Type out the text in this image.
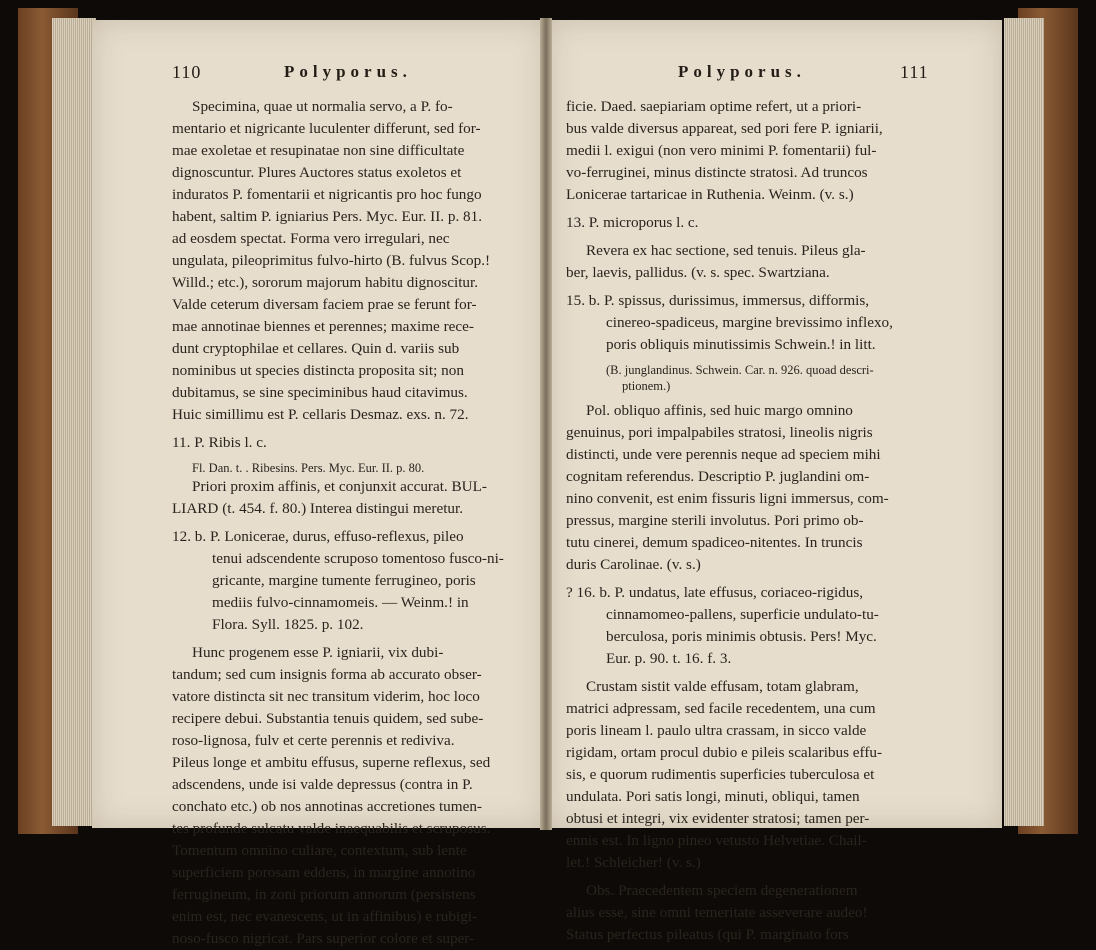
110	Polyporus.	Polyporus.	111
Specimina, quae ut normalia servo, a P. fo-
mentario et nigricante luculenter differunt, sed for-
mae exoletae et resupinatae non sine difficultate
dignoscuntur. Plures Auctores status exoletos et
induratos P. fomentarii et nigricantis pro hoc fungo
habent, saltim P. igniarius Pers. Myc. Eur. II. p. 81.
ad eosdem spectat. Forma vero irregulari, nec
ungulata, pileoprimitus fulvo-hirto (B. fulvus Scop.!
Willd.; etc.), sororum majorum habitu dignoscitur.
Valde ceterum diversam faciem prae se ferunt for-
mae annotinae biennes et perennes; maxime rece-
dunt cryptophilae et cellares. Quin d. variis sub
nominibus ut species distincta proposita sit; non
dubitamus, se sine speciminibus haud citavimus.
Huic simillimu est P. cellaris Desmaz. exs. n. 72.
11. P. Ribis l. c.
Fl. Dan. t. . Ribesins. Pers. Myc. Eur. II. p. 80.
Priori proxim affinis, et conjunxit accurat. BUL-
LIARD (t. 454. f. 80.) Interea distingui meretur.
12. b. P. Lonicerae, durus, effuso-reflexus, pileo
tenui adscendente scruposo tomentoso fusco-ni-
gricante, margine tumente ferrugineo, poris
mediis fulvo-cinnamomeis. — Weinm.! in
Flora. Syll. 1825. p. 102.
Hunc progenem esse P. igniarii, vix dubi-
tandum; sed cum insignis forma ab accurato obser-
vatore distincta sit nec transitum viderim, hoc loco
recipere debui. Substantia tenuis quidem, sed sube-
roso-lignosa, fulv et certe perennis et rediviva.
Pileus longe et ambitu effusus, superne reflexus, sed
adscendens, unde isi valde depressus (contra in P.
conchato etc.) ob nos annotinas accretiones tumen-
tes profunde sulcatu valde inaequabilis et scruposus.
Tomentum omnino culiare, contextum, sub lente
superficiem porosam eddens, in margine annotino
ferrugineum, in zoni priorum annorum (persistens
enim est, nec evanescens, ut in affinibus) e rubigi-
noso-fusco nigricat. Pars superior colore et super-
ficie. Daed. saepiariam optime refert, ut a priori-
bus valde diversus appareat, sed pori fere P. igniarii,
medii l. exigui (non vero minimi P. fomentarii) ful-
vo-ferruginei, minus distincte stratosi. Ad truncos
Lonicerae tartaricae in Ruthenia. Weinm. (v. s.)
13. P. microporus l. c.
Revera ex hac sectione, sed tenuis. Pileus gla-
ber, laevis, pallidus. (v. s. spec. Swartziana.
15. b. P. spissus, durissimus, immersus, difformis,
cinereo-spadiceus, margine brevissimo inflexo,
poris obliquis minutissimis Schwein.! in litt.
(B. junglandinus. Schwein. Car. n. 926. quoad descri-
ptionem.)
Pol. obliquo affinis, sed huic margo omnino
genuinus, pori impalpabiles stratosi, lineolis nigris
distincti, unde vere perennis neque ad speciem mihi
cognitam referendus. Descriptio P. juglandini om-
nino convenit, est enim fissuris ligni immersus, com-
pressus, margine sterili involutus. Pori primo ob-
tutu cinerei, demum spadiceo-nitentes. In truncis
duris Carolinae. (v. s.)
? 16. b. P. undatus, late effusus, coriaceo-rigidus,
cinnamomeo-pallens, superficie undulato-tu-
berculosa, poris minimis obtusis. Pers! Myc.
Eur. p. 90. t. 16. f. 3.
Crustam sistit valde effusam, totam glabram,
matrici adpressam, sed facile recedentem, una cum
poris lineam l. paulo ultra crassam, in sicco valde
rigidam, ortam procul dubio e pileis scalaribus effu-
sis, e quorum rudimentis superficies tuberculosa et
undulata. Pori satis longi, minuti, obliqui, tamen
obtusi et integri, vix evidenter stratosi; tamen per-
ennis est. In ligno pineo vetusto Helvetiae. Chail-
let.! Schleicher! (v. s.)
Obs. Praecedentem speciem degenerationem
alius esse, sine omni temeritate asseverare audeo!
Status perfectus pileatus (qui P. marginato fors
